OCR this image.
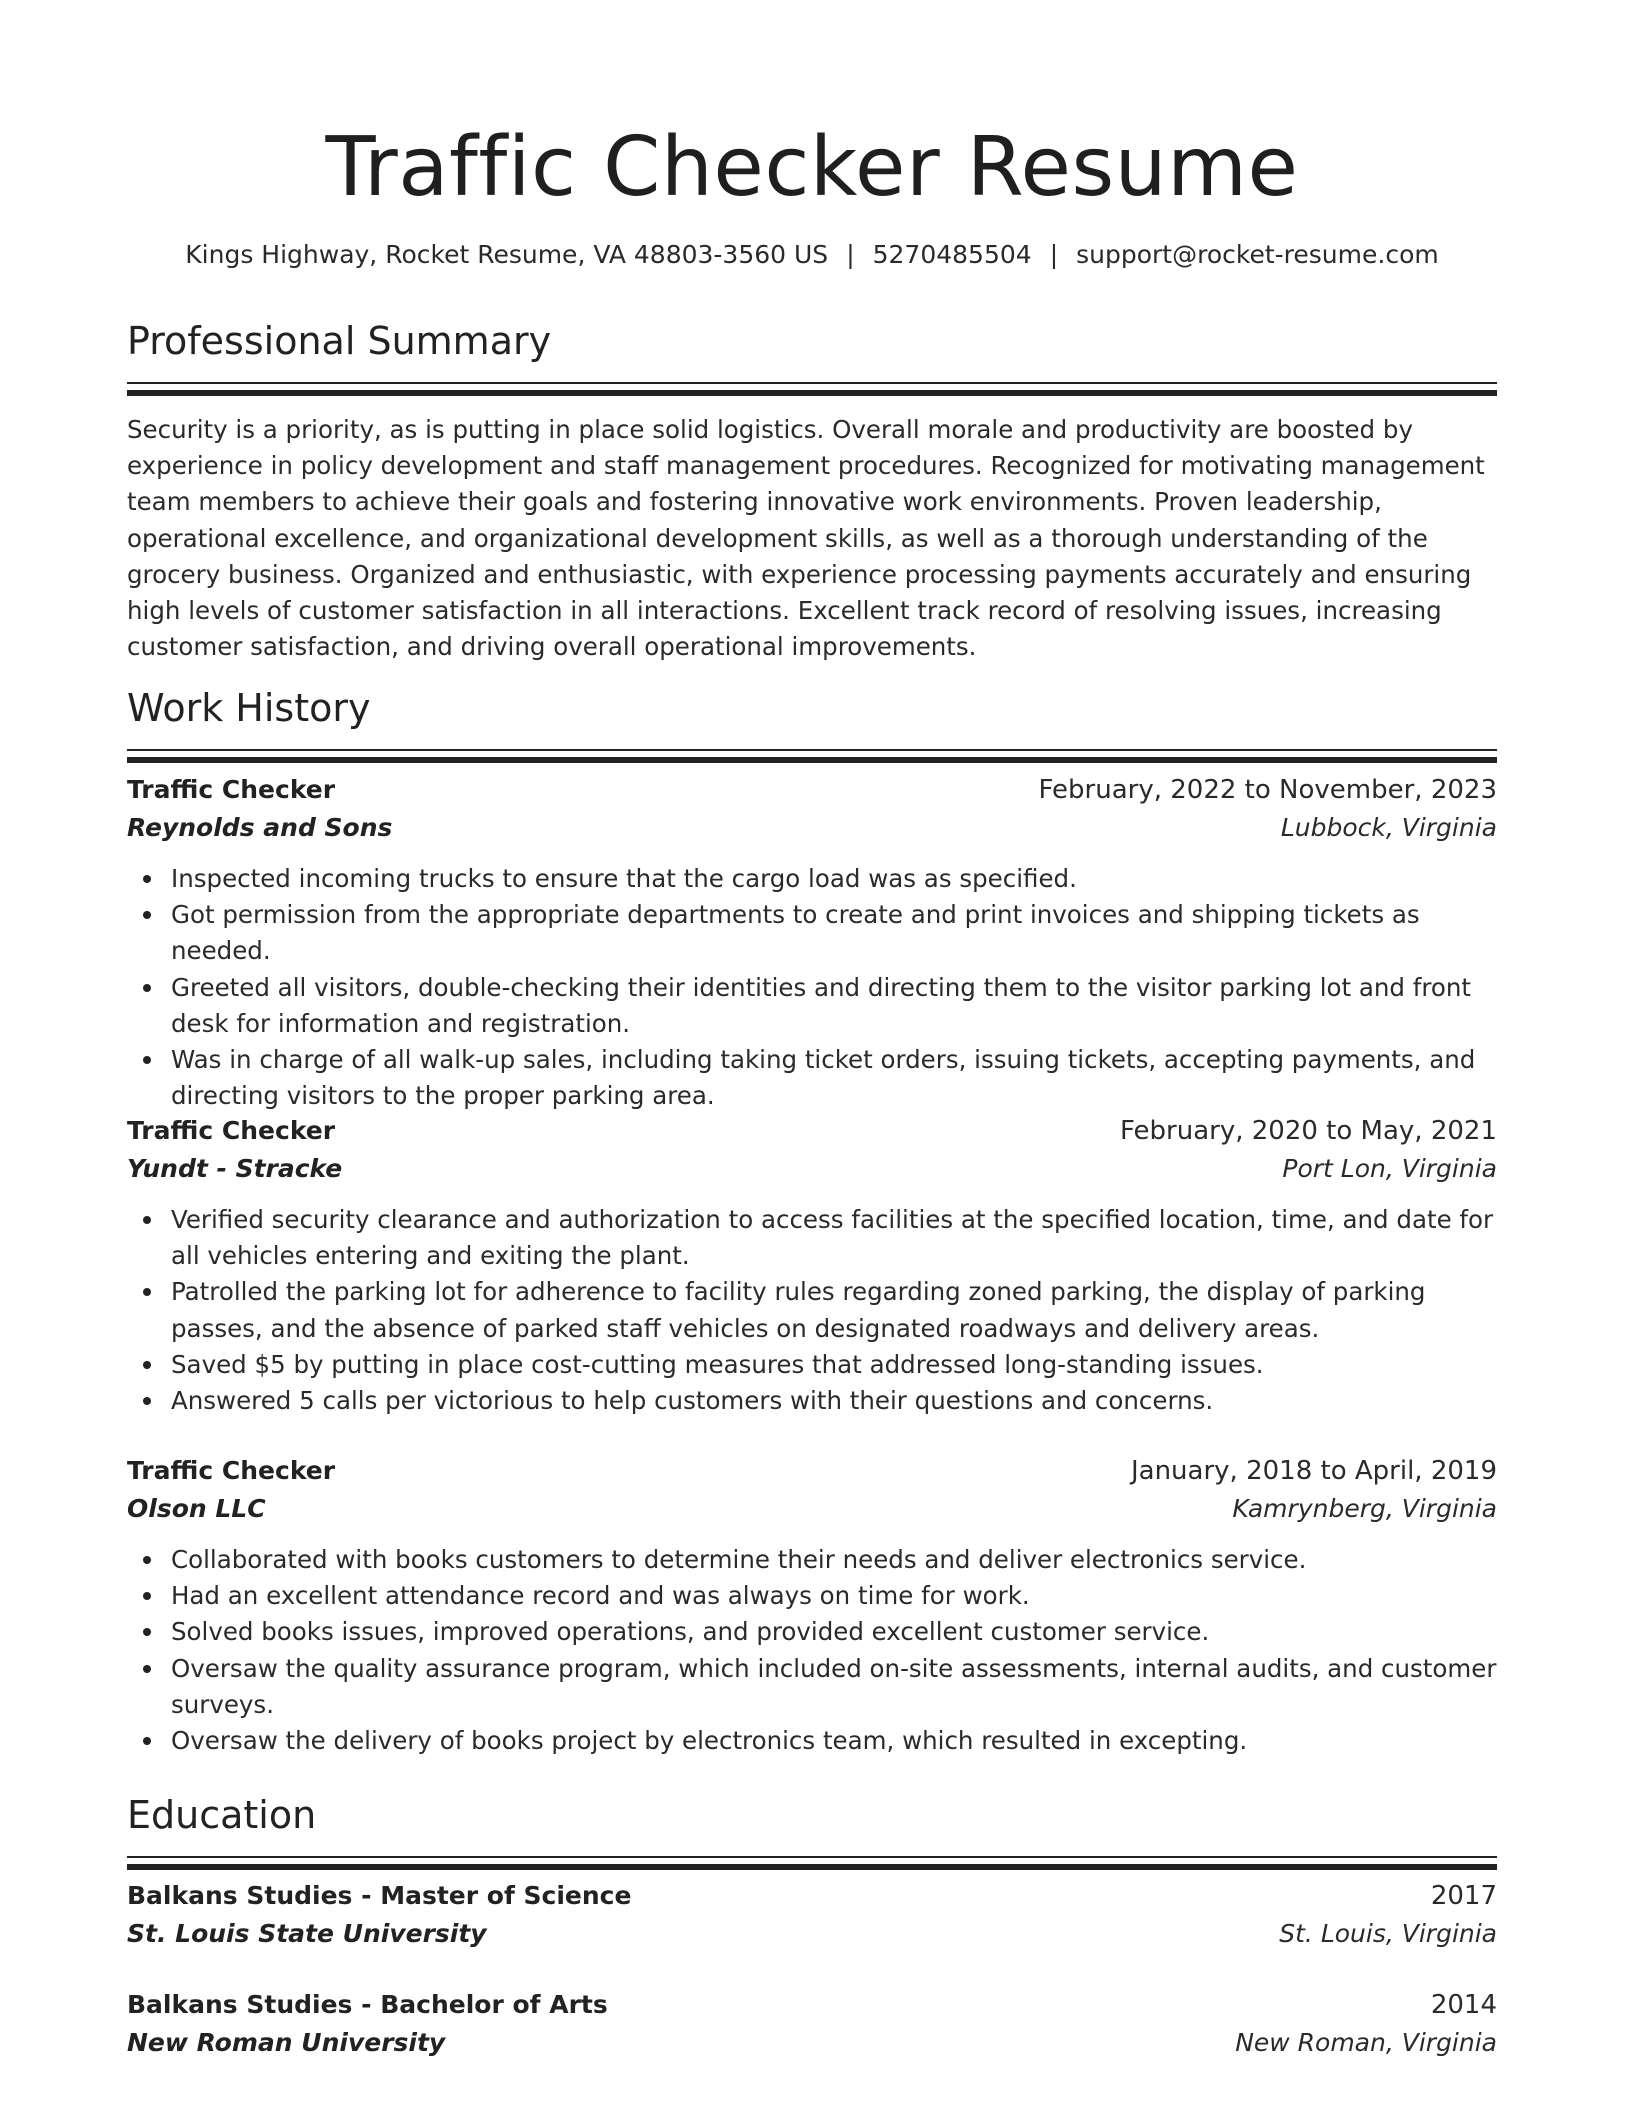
Traffic Checker Resume
Kings Highway, Rocket Resume, VA 48803-3560 US | 5270485504 | support@rocket-resume.com
Professional Summary

Security is a priority, as is putting in place solid logistics. Overall morale and productivity are boosted by experience in policy development and staff management procedures. Recognized for motivating management team members to achieve their goals and fostering innovative work environments. Proven leadership, operational excellence, and organizational development skills, as well as a thorough understanding of the grocery business. Organized and enthusiastic, with experience processing payments accurately and ensuring high levels of customer satisfaction in all interactions. Excellent track record of resolving issues, increasing customer satisfaction, and driving overall operational improvements.

Work History
Traffic Checker	February, 2022 to November, 2023
Reynolds and Sons	Lubbock, Virginia
Inspected incoming trucks to ensure that the cargo load was as specified.
Got permission from the appropriate departments to create and print invoices and shipping tickets as needed.
Greeted all visitors, double-checking their identities and directing them to the visitor parking lot and front desk for information and registration.
Was in charge of all walk-up sales, including taking ticket orders, issuing tickets, accepting payments, and directing visitors to the proper parking area.
Traffic Checker	February, 2020 to May, 2021
Yundt - Stracke	Port Lon, Virginia
Verified security clearance and authorization to access facilities at the specified location, time, and date for all vehicles entering and exiting the plant.
Patrolled the parking lot for adherence to facility rules regarding zoned parking, the display of parking passes, and the absence of parked staff vehicles on designated roadways and delivery areas.
Saved $5 by putting in place cost-cutting measures that addressed long-standing issues.
Answered 5 calls per victorious to help customers with their questions and concerns.
Traffic Checker	January, 2018 to April, 2019
Olson LLC	Kamrynberg, Virginia
Collaborated with books customers to determine their needs and deliver electronics service.
Had an excellent attendance record and was always on time for work.
Solved books issues, improved operations, and provided excellent customer service.
Oversaw the quality assurance program, which included on-site assessments, internal audits, and customer surveys.
Oversaw the delivery of books project by electronics team, which resulted in excepting.
Education
Balkans Studies - Master of Science	2017
St. Louis State University	St. Louis, Virginia
Balkans Studies - Bachelor of Arts	2014
New Roman University	New Roman, Virginia
